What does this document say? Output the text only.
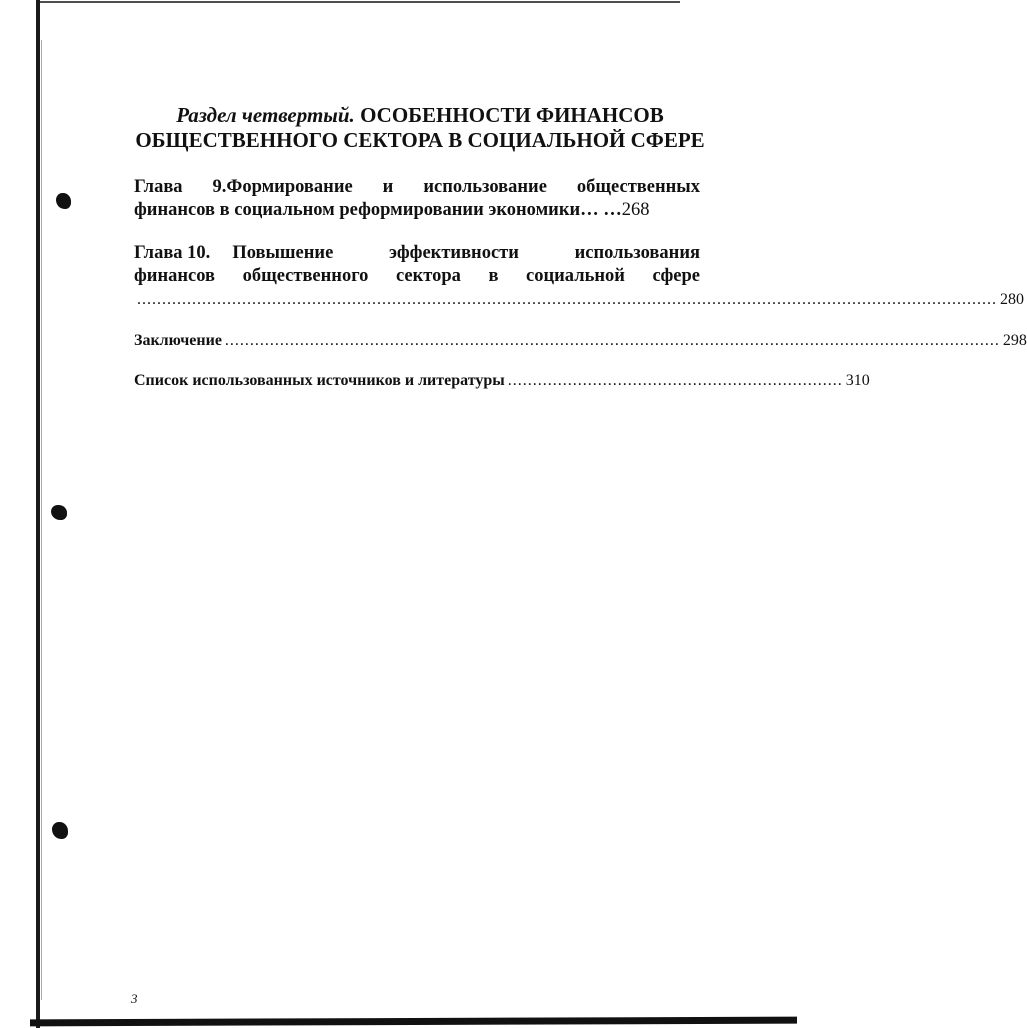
Раздел четвертый. ОСОБЕННОСТИ ФИНАНСОВ
ОБЩЕСТВЕННОГО СЕКТОРА В СОЦИАЛЬНОЙ СФЕРЕ
Глава 9.Формирование и использование общественных
финансов в социальном реформировании экономики… … 268
Глава 10. Повышение эффективности использования
финансов общественного сектора в социальной сфере
............................................................................................................................................................................ 280
Заключение ........................................................................................................................................................... 298
Список использованных источников и литературы ................................................................... 310
3
